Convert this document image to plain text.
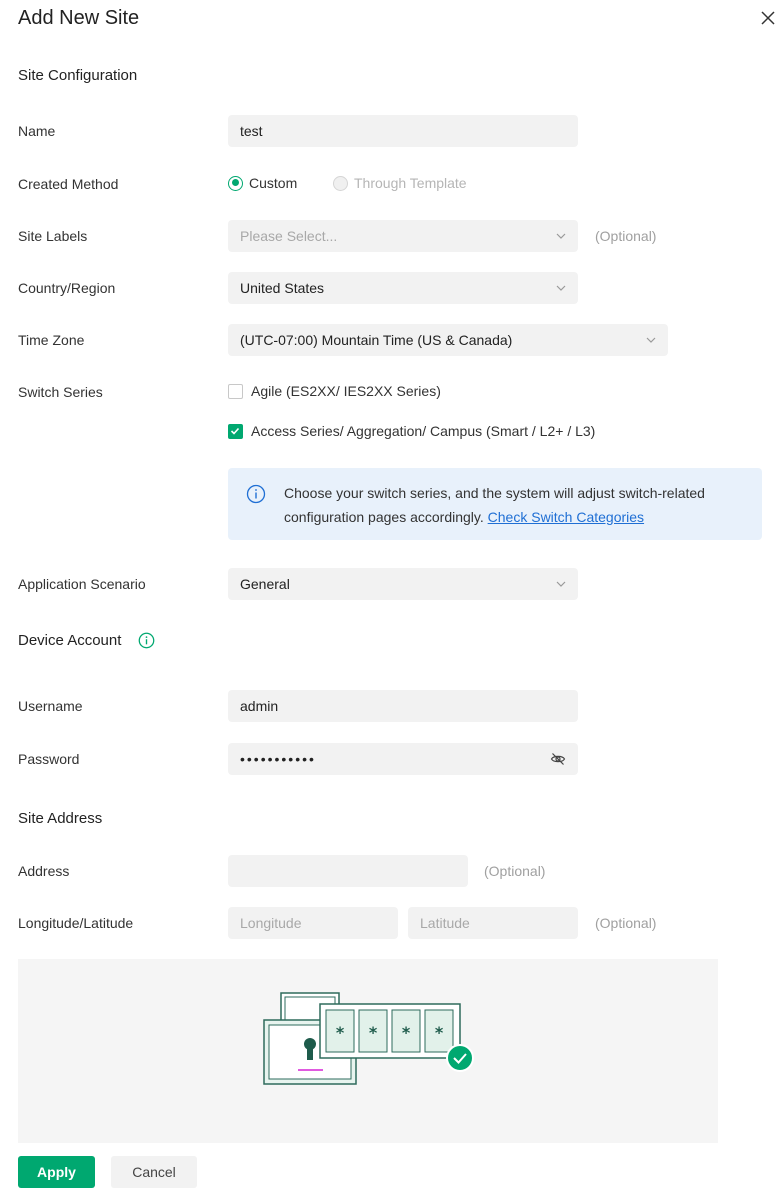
Add New Site
Site Configuration
Name	test
Created Method	Custom	Through Template
Site Labels	Please Select...	(Optional)
Country/Region	United States
Time Zone	(UTC-07:00) Mountain Time (US & Canada)
Switch Series	Agile (ES2XX/ IES2XX Series)
Access Series/ Aggregation/ Campus (Smart / L2+ / L3)
Choose your switch series, and the system will adjust switch-related configuration pages accordingly. Check Switch Categories
Application Scenario	General
Device Account
Username	admin
Password	•••••••••••
Site Address
Address	(Optional)
Longitude/Latitude	Longitude	Latitude	(Optional)
* * * *
Apply	Cancel
